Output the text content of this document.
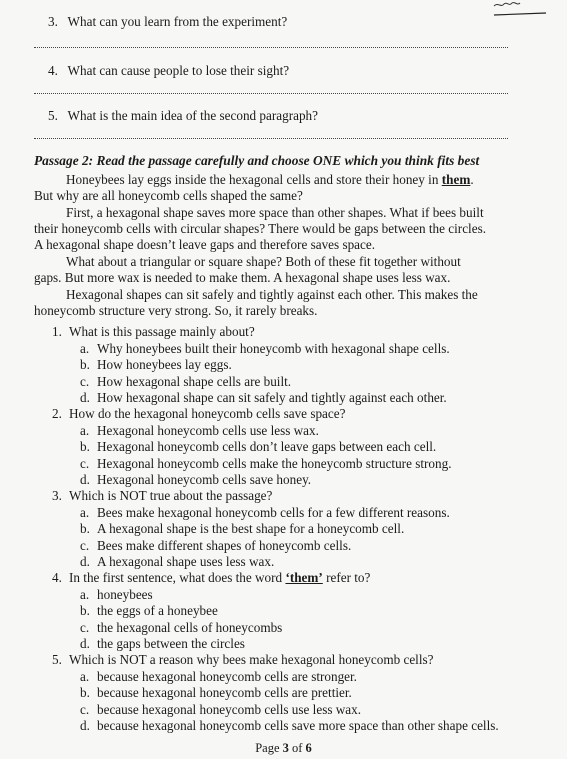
3. What can you learn from the experiment?
4. What can cause people to lose their sight?
5. What is the main idea of the second paragraph?
Passage 2: Read the passage carefully and choose ONE which you think fits best
Honeybees lay eggs inside the hexagonal cells and store their honey in them.
But why are all honeycomb cells shaped the same?
First, a hexagonal shape saves more space than other shapes. What if bees built
their honeycomb cells with circular shapes? There would be gaps between the circles.
A hexagonal shape doesn’t leave gaps and therefore saves space.
What about a triangular or square shape? Both of these fit together without
gaps. But more wax is needed to make them. A hexagonal shape uses less wax.
Hexagonal shapes can sit safely and tightly against each other. This makes the
honeycomb structure very strong. So, it rarely breaks.
1. What is this passage mainly about?
a. Why honeybees built their honeycomb with hexagonal shape cells.
b. How honeybees lay eggs.
c. How hexagonal shape cells are built.
d. How hexagonal shape can sit safely and tightly against each other.
2. How do the hexagonal honeycomb cells save space?
a. Hexagonal honeycomb cells use less wax.
b. Hexagonal honeycomb cells don’t leave gaps between each cell.
c. Hexagonal honeycomb cells make the honeycomb structure strong.
d. Hexagonal honeycomb cells save honey.
3. Which is NOT true about the passage?
a. Bees make hexagonal honeycomb cells for a few different reasons.
b. A hexagonal shape is the best shape for a honeycomb cell.
c. Bees make different shapes of honeycomb cells.
d. A hexagonal shape uses less wax.
4. In the first sentence, what does the word ‘them’ refer to?
a. honeybees
b. the eggs of a honeybee
c. the hexagonal cells of honeycombs
d. the gaps between the circles
5. Which is NOT a reason why bees make hexagonal honeycomb cells?
a. because hexagonal honeycomb cells are stronger.
b. because hexagonal honeycomb cells are prettier.
c. because hexagonal honeycomb cells use less wax.
d. because hexagonal honeycomb cells save more space than other shape cells.
Page 3 of 6
